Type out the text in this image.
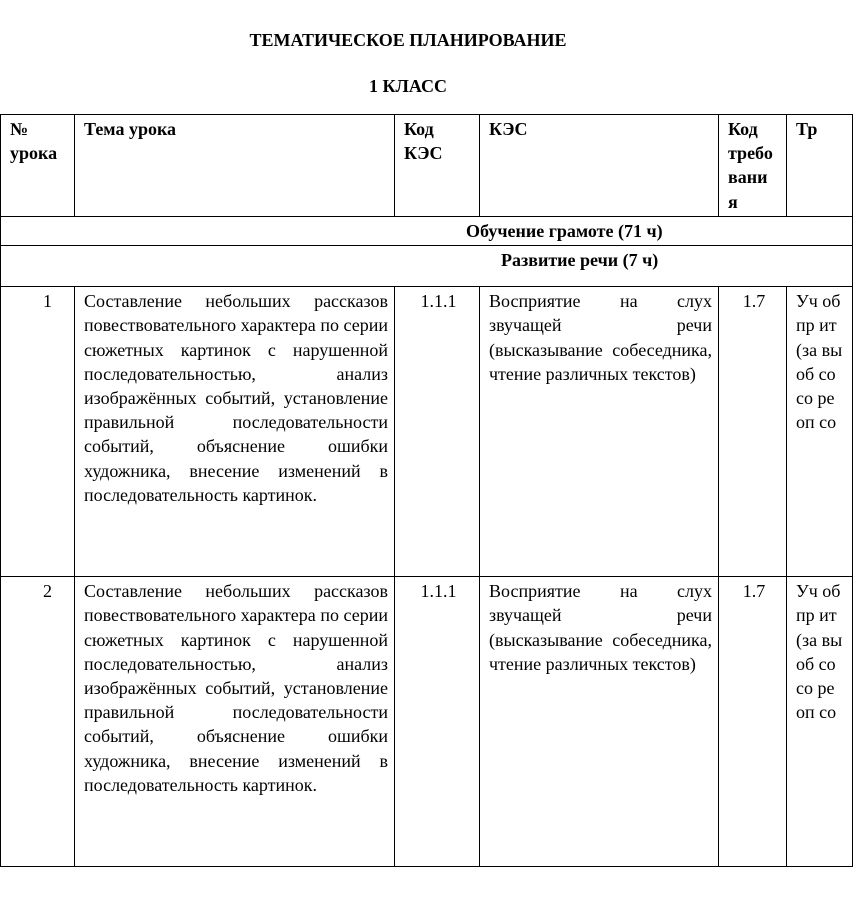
ТЕМАТИЧЕСКОЕ ПЛАНИРОВАНИЕ
1 КЛАСС
№ урока	Тема урока	Код КЭС	КЭС	Код требо вани я	Тр

Обучение грамоте (71 ч)					

Развитие речи (7 ч)					

1	Составление небольших рассказов повествовательного характера по серии сюжетных картинок с нарушенной последовательностью, анализ изображённых событий, установление правильной последовательности событий, объяснение ошибки художника, внесение изменений в последовательность картинок.	1.1.1	Восприятие на слух звучащей речи (высказывание собеседника, чтение различных текстов)	1.7	Уч об пр ит (за вы об со со ре оп со
2	Составление небольших рассказов повествовательного характера по серии сюжетных картинок с нарушенной последовательностью, анализ изображённых событий, установление правильной последовательности событий, объяснение ошибки художника, внесение изменений в последовательность картинок.	1.1.1	Восприятие на слух звучащей речи (высказывание собеседника, чтение различных текстов)	1.7	Уч об пр ит (за вы об со со ре оп со
